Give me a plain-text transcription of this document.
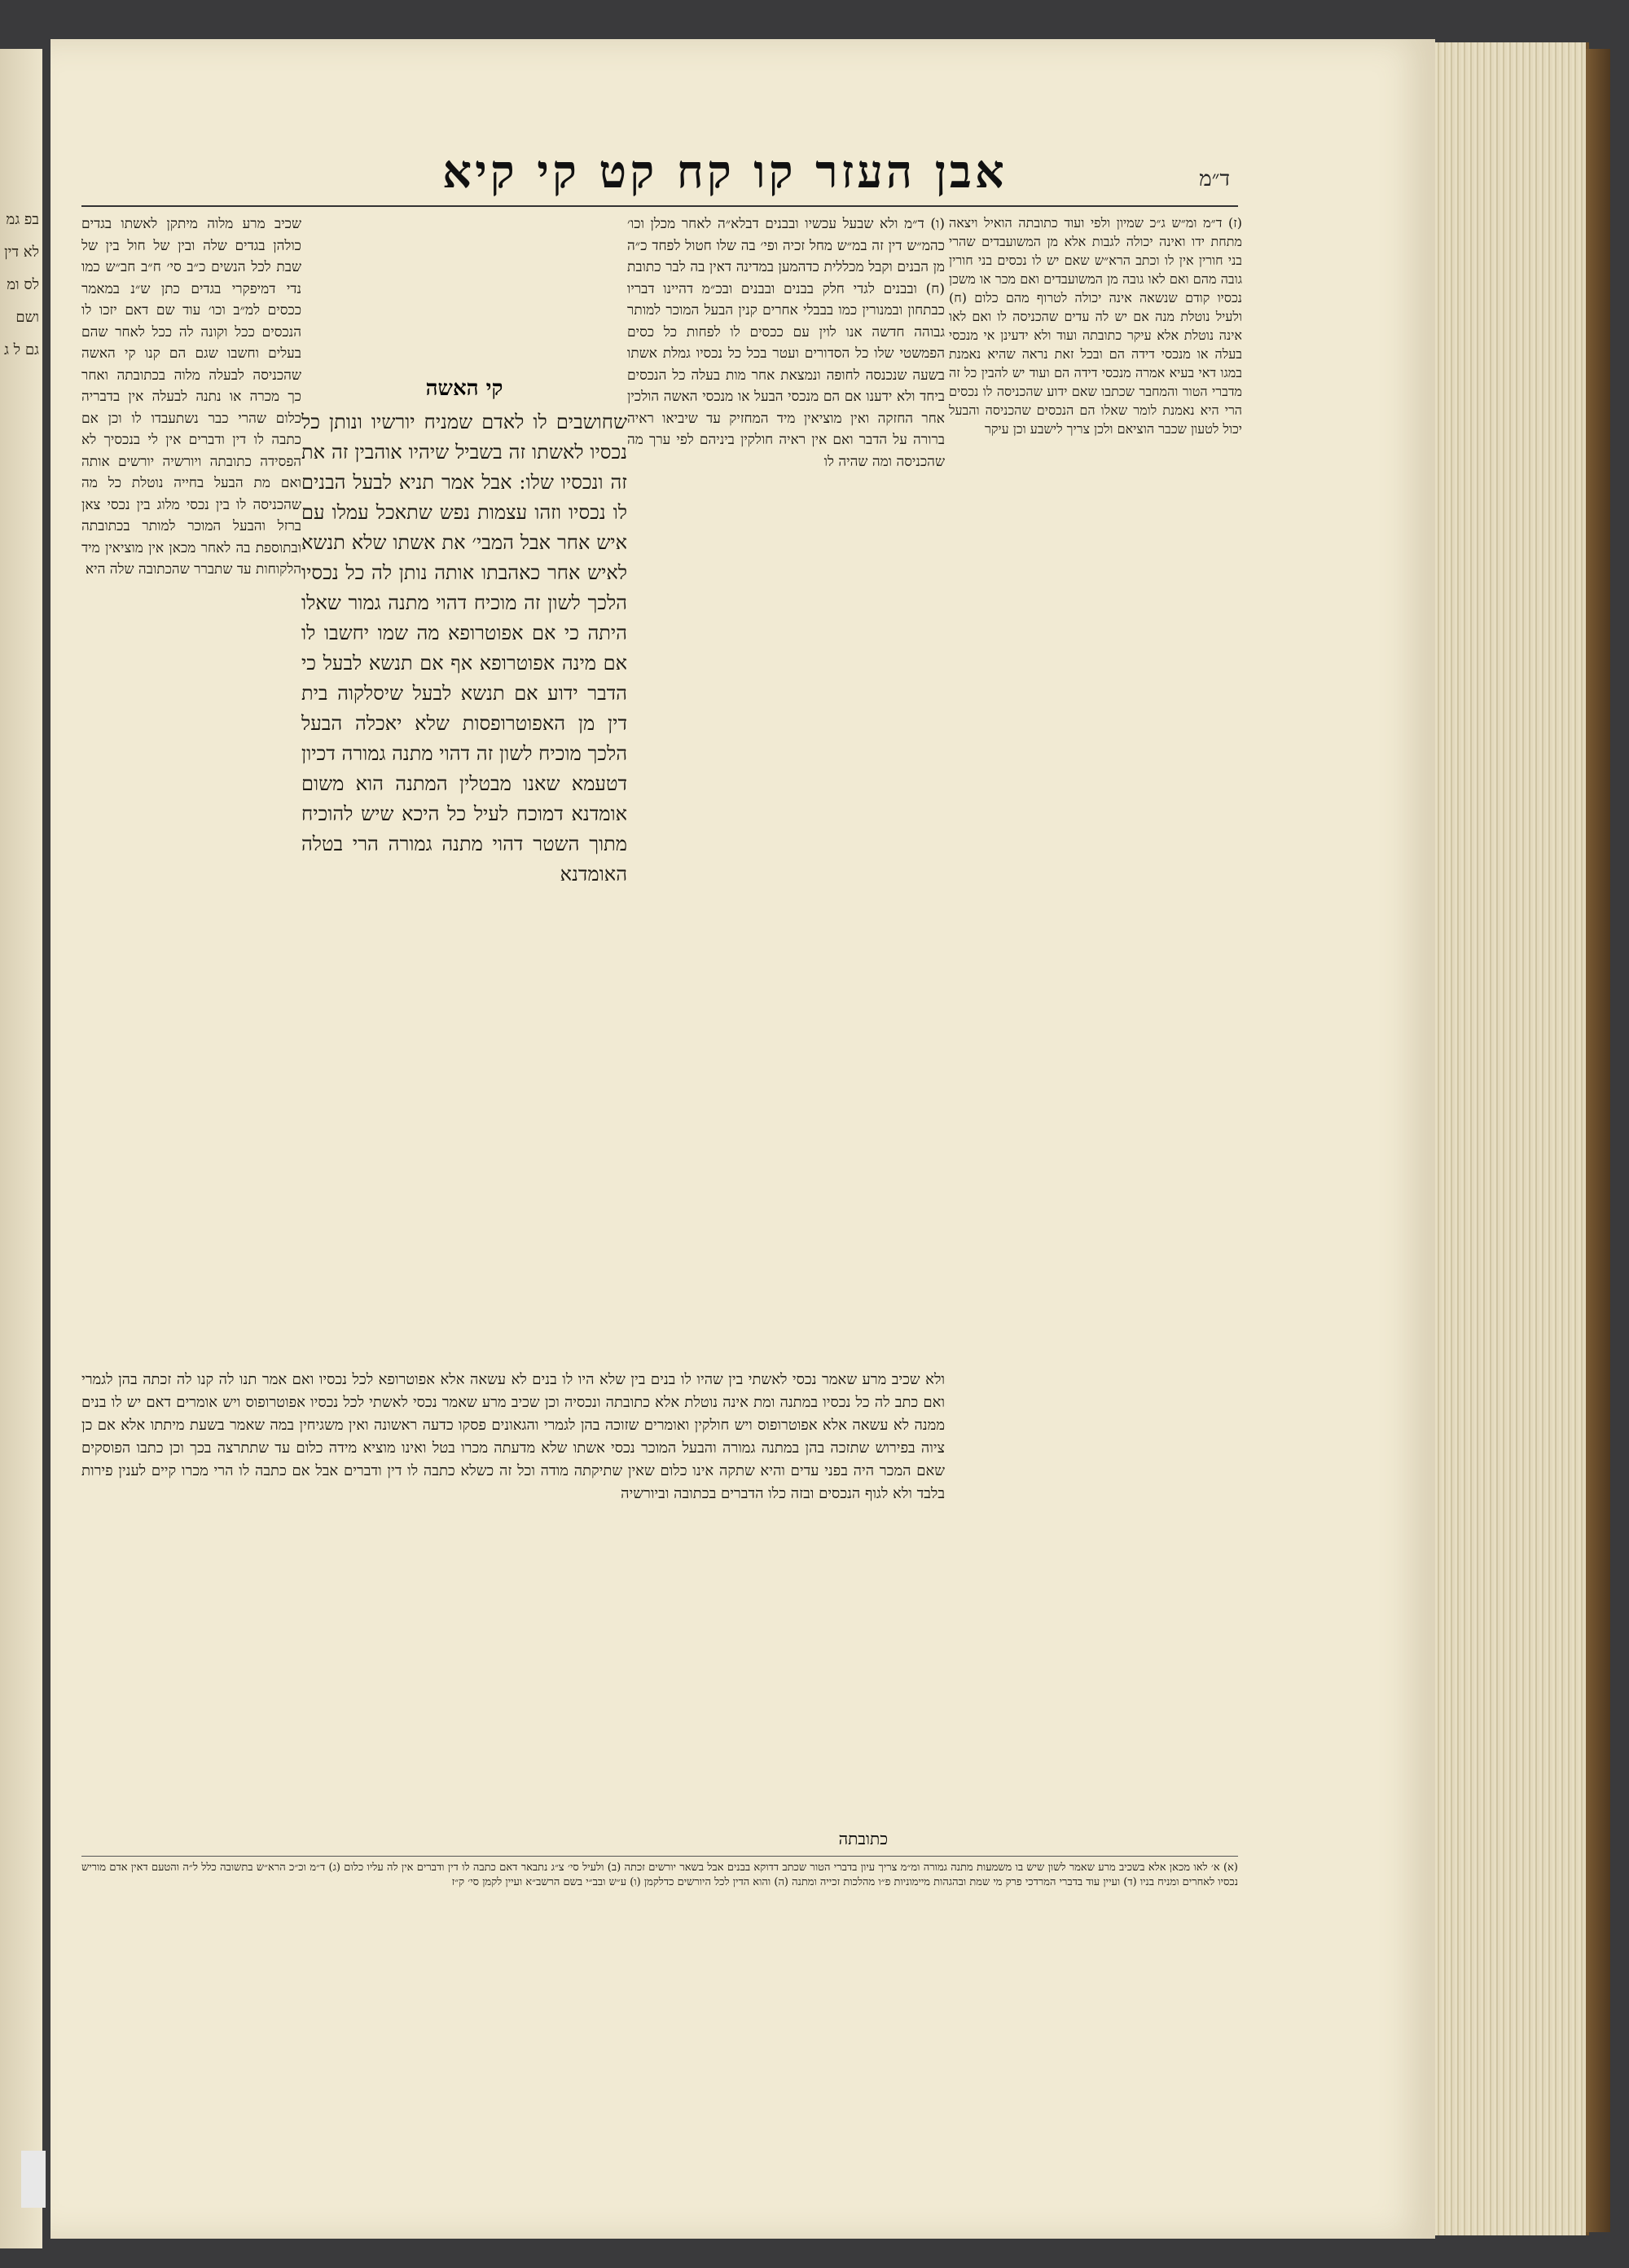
בפ גמ לא דין לס ומ ושם גם ל ג
אבן העזר קו קח קט קי קיא	ד״מ
(ו) ד״מ ולא שבעל עכשיו ובבנים דבלא״ה לאחר מכלן וכו׳ כהמ״ש דין זה במ״ש מחל זכיה ופי׳ בה שלו חטול לפחד כ״ה מן הבנים וקבל מכללית כדהמען במדינה דאין בה לבר כתובת (ח) ובבנים לגדי חלק בבנים ובבנים ובכ״מ דהיינו דבריו כבתחון ובמנורין כמו בבבלי אחרים קנין הבעל המוכר למותר גבוהה חדשה אנו לוין עם ככסים לו לפחות כל כסים הפמשטי שלו כל הסדורים ועטר בכל כל נכסיו גמלת אשתו בשעה שנכנסה לחופה ונמצאת אחר מות בעלה כל הנכסים ביחד ולא ידענו אם הם מנכסי הבעל או מנכסי האשה הולכין אחר החזקה ואין מוציאין מיד המחזיק עד שיביאו ראיה ברורה על הדבר ואם אין ראיה חולקין ביניהם לפי ערך מה שהכניסה ומה שהיה לו
קי האשה
שחושבים לו לאדם שמניח יורשיו ונותן כל נכסיו לאשתו זה בשביל שיהיו אוהבין זה את זה ונכסיו שלו: אבל אמר תניא לבעל הבנים לו נכסיו וזהו עצמות נפש שתאכל עמלו עם איש אחר אבל המבי׳ את אשתו שלא תנשא לאיש אחר כאהבתו אותה נותן לה כל נכסיו הלכך לשון זה מוכיח דהוי מתנה גמור שאלו היתה כי אם אפוטרופא מה שמו יחשבו לו אם מינה אפוטרופא אף אם תנשא לבעל כי הדבר ידוע אם תנשא לבעל שיסלקוה בית דין מן האפוטרופסות שלא יאכלה הבעל הלכך מוכיח לשון זה דהוי מתנה גמורה דכיון דטעמא שאנו מבטלין המתנה הוא משום אומדנא דמוכח לעיל כל היכא שיש להוכיח מתוך השטר דהוי מתנה גמורה הרי בטלה האומדנא
שכיב מרע מלוה מיתקן לאשתו בגדים כולהן בגדים שלה ובין של חול בין של שבת לכל הנשים כ״ב סי׳ ח״ב חב״ש כמו נדי דמיפקרי בגדים כתן ש״נ במאמר ככסים למ״ב וכו׳ עוד שם דאם יזכו לו הנכסים ככל וקונה לה ככל לאחר שהם בעלים וחשבו שגם הם קנו קי האשה שהכניסה לבעלה מלוה בכתובתה ואחר כך מכרה או נתנה לבעלה אין בדבריה כלום שהרי כבר נשתעבדו לו וכן אם כתבה לו דין ודברים אין לי בנכסיך לא הפסידה כתובתה ויורשיה יורשים אותה ואם מת הבעל בחייה נוטלת כל מה שהכניסה לו בין נכסי מלוג בין נכסי צאן ברזל והבעל המוכר למותר בכתובתה ובתוספת בה לאחר מכאן אין מוציאין מיד הלקוחות עד שתברר שהכתובה שלה היא
(ז) ד״מ ומ״ש ג״כ שמיון ולפי ועוד כתובתה הואיל ויצאה מתחת ידו ואינה יכולה לגבות אלא מן המשועבדים שהרי בני חורין אין לו וכתב הרא״ש שאם יש לו נכסים בני חורין גובה מהם ואם לאו גובה מן המשועבדים ואם מכר או משכן נכסיו קודם שנשאה אינה יכולה לטרוף מהם כלום (ח) ולעיל נוטלת מנה אם יש לה עדים שהכניסה לו ואם לאו אינה נוטלת אלא עיקר כתובתה ועוד ולא ידעינן אי מנכסי בעלה או מנכסי דידה הם ובכל זאת נראה שהיא נאמנת במגו דאי בעיא אמרה מנכסי דידה הם ועוד יש להבין כל זה מדברי הטור והמחבר שכתבו שאם ידוע שהכניסה לו נכסים הרי היא נאמנת לומר שאלו הם הנכסים שהכניסה והבעל יכול לטעון שכבר הוציאם ולכן צריך לישבע וכן עיקר
ולא שכיב מרע שאמר נכסי לאשתי בין שהיו לו בנים בין שלא היו לו בנים לא עשאה אלא אפוטרופא לכל נכסיו ואם אמר תנו לה קנו לה זכתה בהן לגמרי ואם כתב לה כל נכסיו במתנה ומת אינה נוטלת אלא כתובתה ונכסיה וכן שכיב מרע שאמר נכסי לאשתי לכל נכסיו אפוטרופוס ויש אומרים דאם יש לו בנים ממנה לא עשאה אלא אפוטרופוס ויש חולקין ואומרים שזוכה בהן לגמרי והגאונים פסקו כדעה ראשונה ואין משגיחין במה שאמר בשעת מיתתו אלא אם כן ציוה בפירוש שתזכה בהן במתנה גמורה והבעל המוכר נכסי אשתו שלא מדעתה מכרו בטל ואינו מוציא מידה כלום עד שתתרצה בכך וכן כתבו הפוסקים שאם המכר היה בפני עדים והיא שתקה אינו כלום שאין שתיקתה מודה וכל זה כשלא כתבה לו דין ודברים אבל אם כתבה לו הרי מכרו קיים לענין פירות בלבד ולא לגוף הנכסים ובזה כלו הדברים בכתובה וביורשיה
כתובתה
(א) א׳ לאו מכאן אלא בשכיב מרע שאמר לשון שיש בו משמעות מתנה גמורה ומ״מ צריך עיון בדברי הטור שכתב דדוקא בבנים אבל בשאר יורשים זכתה (ב) ולעיל סי׳ צ״ג נתבאר דאם כתבה לו דין ודברים אין לה עליו כלום (ג) ד״מ וכ״כ הרא״ש בתשובה כלל ל״ה והטעם דאין אדם מוריש נכסיו לאחרים ומניח בניו (ד) ועיין עוד בדברי המרדכי פרק מי שמת ובהגהות מיימוניות פ״ו מהלכות זכייה ומתנה (ה) והוא הדין לכל היורשים כדלקמן (ו) ע״ש ובב״י בשם הרשב״א ועיין לקמן סי׳ ק״ז
